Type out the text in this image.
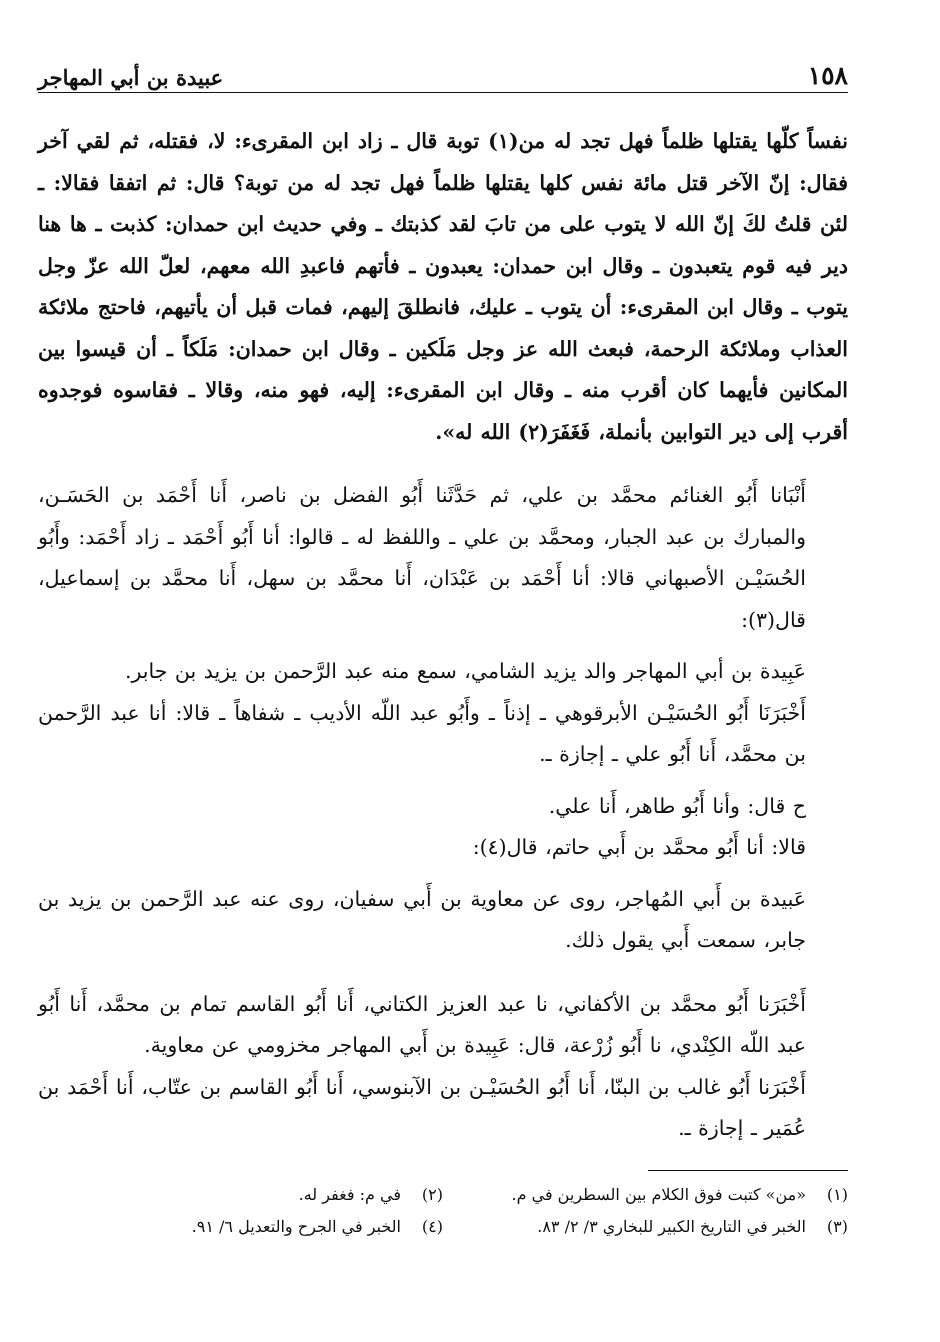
١٥٨
عبيدة بن أبي المهاجر

نفساً كلّها يقتلها ظلماً فهل تجد له من(١) توبة قال ـ زاد ابن المقرىء: لا، فقتله، ثم لقي آخر فقال: إنّ الآخر قتل مائة نفس كلها يقتلها ظلماً فهل تجد له من توبة؟ قال: ثم اتفقا فقالا: ـ لئن قلتُ لكَ إنّ الله لا يتوب على من تابَ لقد كذبتك ـ وفي حديث ابن حمدان: كذبت ـ ها هنا دير فيه قوم يتعبدون ـ وقال ابن حمدان: يعبدون ـ فأتهم فاعبدِ الله معهم، لعلّ الله عزّ وجل يتوب ـ وقال ابن المقرىء: أن يتوب ـ عليك، فانطلقَ إليهم، فمات قبل أن يأتيهم، فاحتج ملائكة العذاب وملائكة الرحمة، فبعث الله عز وجل مَلَكين ـ وقال ابن حمدان: مَلَكاً ـ أن قيسوا بين المكانين فأيهما كان أقرب منه ـ وقال ابن المقرىء: إليه، فهو منه، وقالا ـ فقاسوه فوجدوه أقرب إلى دير التوابين بأنملة، فَغَفَرَ(٢) الله له».

أَنْبَانا أَبُو الغنائم محمَّد بن علي، ثم حَدَّثَنا أَبُو الفضل بن ناصر، أَنا أَحْمَد بن الحَسَـن، والمبارك بن عبد الجبار، ومحمَّد بن علي ـ واللفظ له ـ قالوا: أنا أَبُو أَحْمَد ـ زاد أَحْمَد: وأَبُو الحُسَيْـن الأصبهاني قالا: أنا أَحْمَد بن عَبْدَان، أَنا محمَّد بن سهل، أَنا محمَّد بن إسماعيل، قال(٣):

عَبِيدة بن أبي المهاجر والد يزيد الشامي، سمع منه عبد الرَّحمن بن يزيد بن جابر.

أَخْبَرَنَا أَبُو الحُسَيْـن الأبرقوهي ـ إذناً ـ وأَبُو عبد اللّه الأديب ـ شفاهاً ـ قالا: أنا عبد الرَّحمن بن محمَّد، أَنا أَبُو علي ـ إجازة ـ.

ح قال: وأنا أَبُو طاهر، أَنا علي.

قالا: أنا أَبُو محمَّد بن أَبي حاتم، قال(٤):

عَبيدة بن أَبي المُهاجر، روى عن معاوية بن أَبي سفيان، روى عنه عبد الرَّحمن بن يزيد بن جابر، سمعت أَبي يقول ذلك.

أَخْبَرَنا أَبُو محمَّد بن الأكفاني، نا عبد العزيز الكتاني، أَنا أَبُو القاسم تمام بن محمَّد، أَنا أَبُو عبد اللّه الكِنْدي، نا أَبُو زُرْعة، قال: عَبِيدة بن أَبي المهاجر مخزومي عن معاوية.

أَخْبَرَنا أَبُو غالب بن البنّا، أَنا أَبُو الحُسَيْـن بن الآبنوسي، أَنا أَبُو القاسم بن عتّاب، أَنا أَحْمَد بن عُمَير ـ إجازة ـ.

(١)«من» كتبت فوق الكلام بين السطرين في م.
(٢)في م: فغفر له.
(٣)الخبر في التاريخ الكبير للبخاري ٣/ ٢/ ٨٣.
(٤)الخبر في الجرح والتعديل ٦/ ٩١.
